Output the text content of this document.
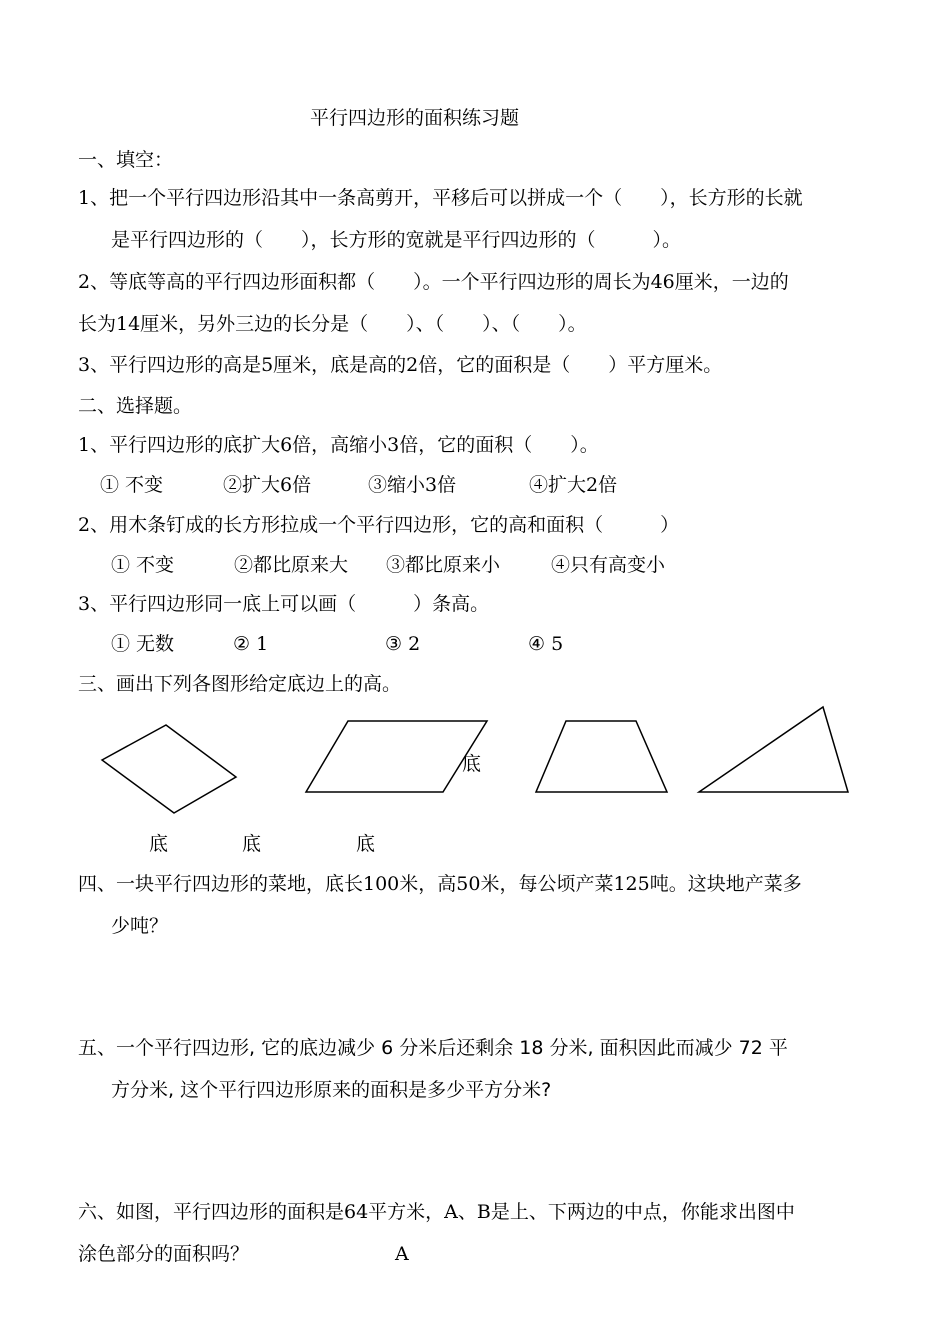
平行四边形的面积练习题
一、填空：
1、把一个平行四边形沿其中一条高剪开，平移后可以拼成一个（　　），长方形的长就
是平行四边形的（　　），长方形的宽就是平行四边形的（　　　）。
2、等底等高的平行四边形面积都（　　）。一个平行四边形的周长为46厘米，一边的
长为14厘米，另外三边的长分是（　　）、（　　）、（　　）。
3、平行四边形的高是5厘米，底是高的2倍，它的面积是（　　）平方厘米。
二、选择题。
1、平行四边形的底扩大6倍，高缩小3倍，它的面积（　　）。
① 不变	②扩大6倍	③缩小3倍	④扩大2倍
2、用木条钉成的长方形拉成一个平行四边形，它的高和面积（　　　）
① 不变	②都比原来大 ③都比原来小	④只有高变小
3、平行四边形同一底上可以画（　　　）条高。
① 无数	② 1	③ 2	④ 5
三、画出下列各图形给定底边上的高。
底	底	底
底
四、一块平行四边形的菜地，底长100米，高50米，每公顷产菜125吨。这块地产菜多
少吨？
五、一个平行四边形, 它的底边减少 6 分米后还剩余 18 分米, 面积因此而减少 72 平
方分米, 这个平行四边形原来的面积是多少平方分米?
六、如图，平行四边形的面积是64平方米，A、B是上、下两边的中点，你能求出图中
涂色部分的面积吗？	A
